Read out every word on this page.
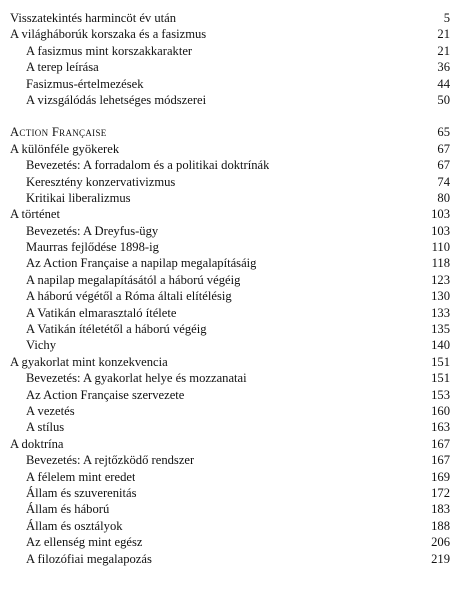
Visszatekintés harmincöt év után	5
A világháborúk korszaka és a fasizmus	21
A fasizmus mint korszakkarakter	21
A terep leírása	36
Fasizmus-értelmezések	44
A vizsgálódás lehetséges módszerei	50
Action Française	65
A különféle gyökerek	67
Bevezetés: A forradalom és a politikai doktrínák	67
Keresztény konzervativizmus	74
Kritikai liberalizmus	80
A történet	103
Bevezetés: A Dreyfus-ügy	103
Maurras fejlődése 1898-ig	110
Az Action Française a napilap megalapításáig	118
A napilap megalapításától a háború végéig	123
A háború végétől a Róma általi elítélésig	130
A Vatikán elmarasztaló ítélete	133
A Vatikán ítéletétől a háború végéig	135
Vichy	140
A gyakorlat mint konzekvencia	151
Bevezetés: A gyakorlat helye és mozzanatai	151
Az Action Française szervezete	153
A vezetés	160
A stílus	163
A doktrína	167
Bevezetés: A rejtőzködő rendszer	167
A félelem mint eredet	169
Állam és szuverenitás	172
Állam és háború	183
Állam és osztályok	188
Az ellenség mint egész	206
A filozófiai megalapozás	219
